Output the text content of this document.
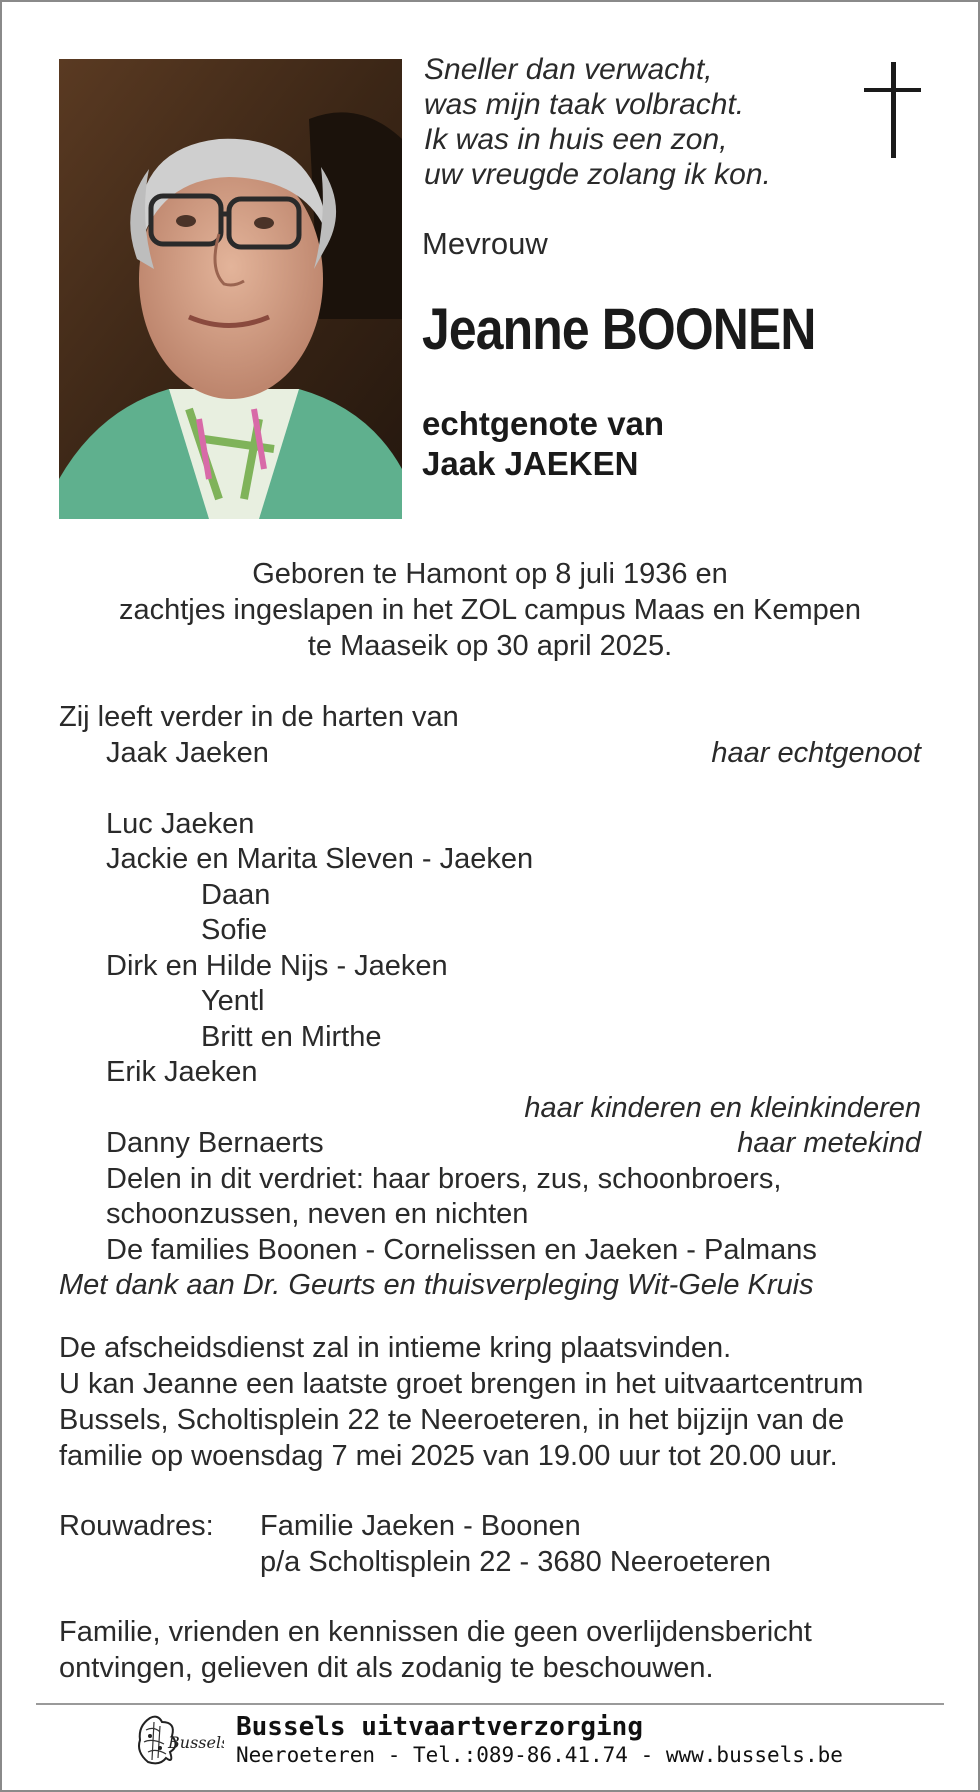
Sneller dan verwacht,
was mijn taak volbracht.
Ik was in huis een zon,
uw vreugde zolang ik kon.
Mevrouw
Jeanne BOONEN
echtgenote van
Jaak JAEKEN
Geboren te Hamont op 8 juli 1936 en
zachtjes ingeslapen in het ZOL campus Maas en Kempen
te Maaseik op 30 april 2025.
Zij leeft verder in de harten van
Jaak Jaeken	haar echtgenoot
Luc Jaeken
Jackie en Marita Sleven - Jaeken
Daan
Sofie
Dirk en Hilde Nijs - Jaeken
Yentl
Britt en Mirthe
Erik Jaeken
haar kinderen en kleinkinderen
Danny Bernaerts	haar metekind
Delen in dit verdriet: haar broers, zus, schoonbroers,
schoonzussen, neven en nichten
De families Boonen - Cornelissen en Jaeken - Palmans
Met dank aan Dr. Geurts en thuisverpleging Wit-Gele Kruis
De afscheidsdienst zal in intieme kring plaatsvinden.
U kan Jeanne een laatste groet brengen in het uitvaartcentrum
Bussels, Scholtisplein 22 te Neeroeteren, in het bijzijn van de
familie op woensdag 7 mei 2025 van 19.00 uur tot 20.00 uur.
Rouwadres: Familie Jaeken - Boonen
p/a Scholtisplein 22 - 3680 Neeroeteren
Familie, vrienden en kennissen die geen overlijdensbericht
ontvingen, gelieven dit als zodanig te beschouwen.
Bussels
Bussels uitvaartverzorging
Neeroeteren - Tel.:089-86.41.74 - www.bussels.be
